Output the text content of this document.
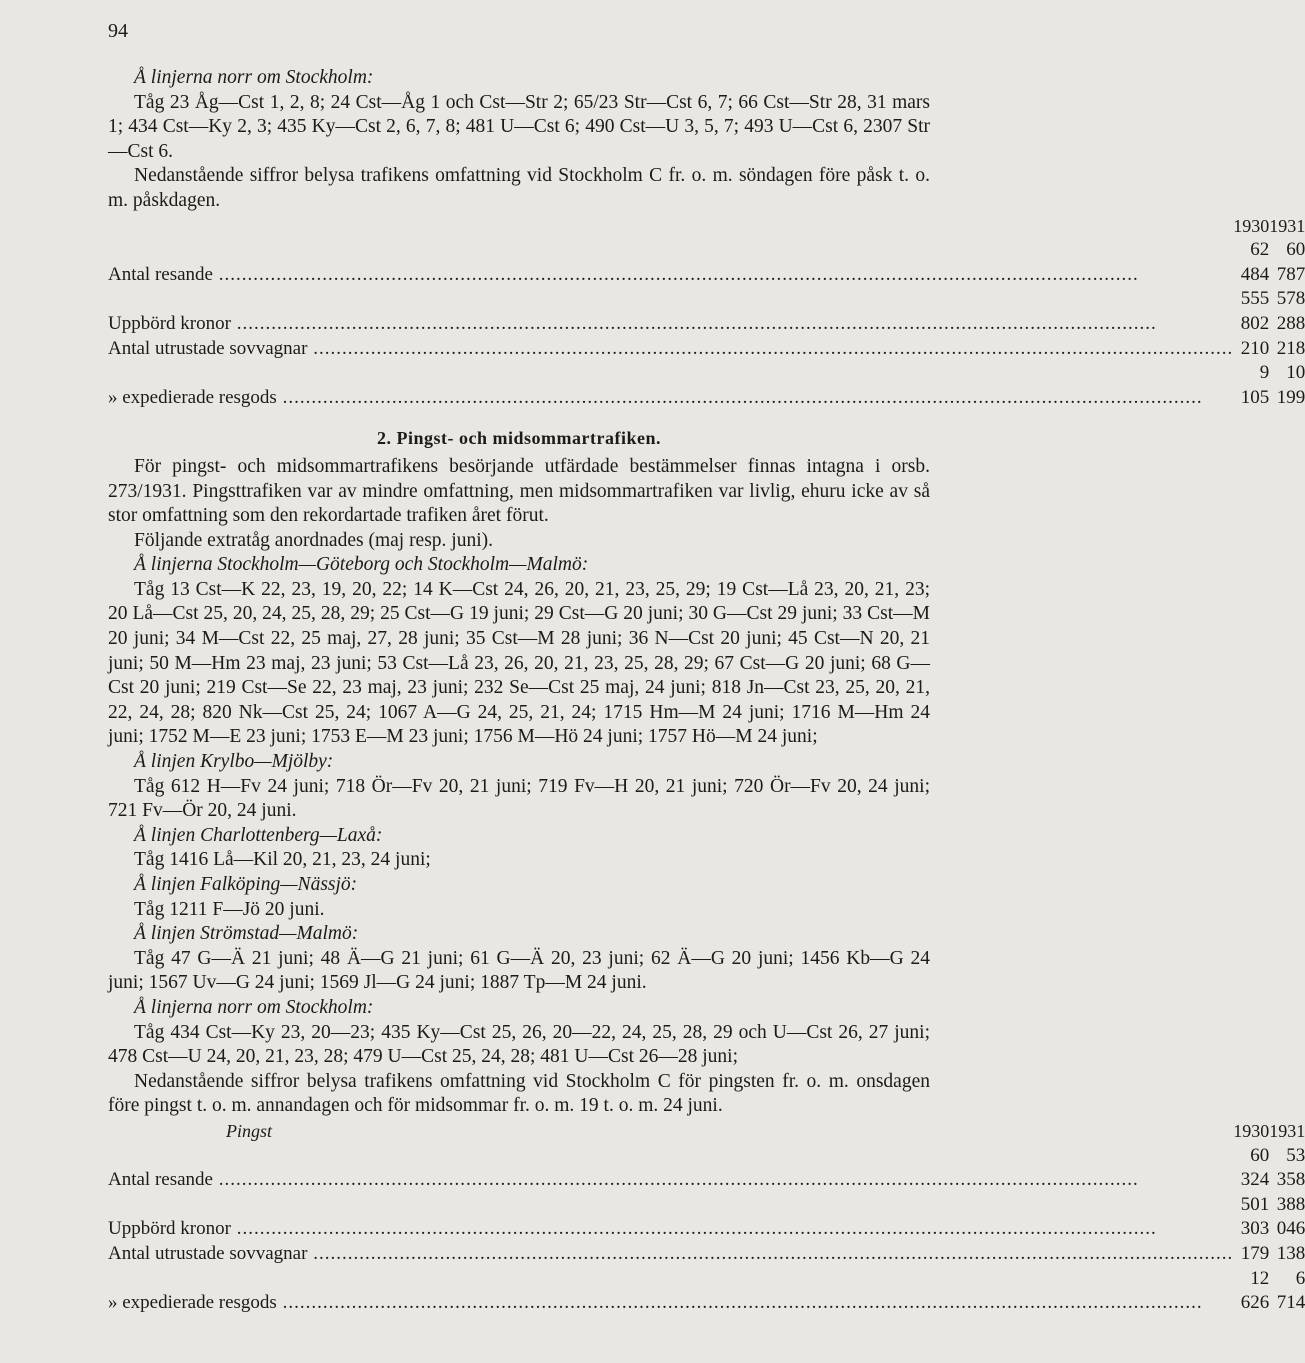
94

Å linjerna norr om Stockholm:

Tåg 23 Åg—Cst 1, 2, 8; 24 Cst—Åg 1 och Cst—Str 2; 65/23 Str—Cst 6, 7; 66 Cst—Str 28, 31 mars 1; 434 Cst—Ky 2, 3; 435 Ky—Cst 2, 6, 7, 8; 481 U—Cst 6; 490 Cst—U 3, 5, 7; 493 U—Cst 6, 2307 Str—Cst 6.

Nedanstående siffror belysa trafikens omfattning vid Stockholm C fr. o. m. söndagen före påsk t. o. m. påskdagen.

	1930	1931
Antal resande .....	62 484	60 787
Uppbörd kronor .....	555 802	578 288
Antal utrustade sovvagnar .....	210	218
» expedierade resgods .....	9 105	10 199
2. Pingst- och midsommartrafiken.

För pingst- och midsommartrafikens besörjande utfärdade bestämmelser finnas intagna i orsb. 273/1931. Pingsttrafiken var av mindre omfattning, men midsommartrafiken var livlig, ehuru icke av så stor omfattning som den rekordartade trafiken året förut.

Följande extratåg anordnades (maj resp. juni).

Å linjerna Stockholm—Göteborg och Stockholm—Malmö:

Tåg 13 Cst—K 22, 23, 19, 20, 22; 14 K—Cst 24, 26, 20, 21, 23, 25, 29; 19 Cst—Lå 23, 20, 21, 23; 20 Lå—Cst 25, 20, 24, 25, 28, 29; 25 Cst—G 19 juni; 29 Cst—G 20 juni; 30 G—Cst 29 juni; 33 Cst—M 20 juni; 34 M—Cst 22, 25 maj, 27, 28 juni; 35 Cst—M 28 juni; 36 N—Cst 20 juni; 45 Cst—N 20, 21 juni; 50 M—Hm 23 maj, 23 juni; 53 Cst—Lå 23, 26, 20, 21, 23, 25, 28, 29; 67 Cst—G 20 juni; 68 G—Cst 20 juni; 219 Cst—Se 22, 23 maj, 23 juni; 232 Se—Cst 25 maj, 24 juni; 818 Jn—Cst 23, 25, 20, 21, 22, 24, 28; 820 Nk—Cst 25, 24; 1067 A—G 24, 25, 21, 24; 1715 Hm—M 24 juni; 1716 M—Hm 24 juni; 1752 M—E 23 juni; 1753 E—M 23 juni; 1756 M—Hö 24 juni; 1757 Hö—M 24 juni;

Å linjen Krylbo—Mjölby:

Tåg 612 H—Fv 24 juni; 718 Ör—Fv 20, 21 juni; 719 Fv—H 20, 21 juni; 720 Ör—Fv 20, 24 juni; 721 Fv—Ör 20, 24 juni.

Å linjen Charlottenberg—Laxå:

Tåg 1416 Lå—Kil 20, 21, 23, 24 juni;

Å linjen Falköping—Nässjö:

Tåg 1211 F—Jö 20 juni.

Å linjen Strömstad—Malmö:

Tåg 47 G—Ä 21 juni; 48 Ä—G 21 juni; 61 G—Ä 20, 23 juni; 62 Ä—G 20 juni; 1456 Kb—G 24 juni; 1567 Uv—G 24 juni; 1569 Jl—G 24 juni; 1887 Tp—M 24 juni.

Å linjerna norr om Stockholm:

Tåg 434 Cst—Ky 23, 20—23; 435 Ky—Cst 25, 26, 20—22, 24, 25, 28, 29 och U—Cst 26, 27 juni; 478 Cst—U 24, 20, 21, 23, 28; 479 U—Cst 25, 24, 28; 481 U—Cst 26—28 juni;

Nedanstående siffror belysa trafikens omfattning vid Stockholm C för pingsten fr. o. m. onsdagen före pingst t. o. m. annandagen och för midsommar fr. o. m. 19 t. o. m. 24 juni.

Pingst	1930	1931
Antal resande .....	60 324	53 358
Uppbörd kronor .....	501 303	388 046
Antal utrustade sovvagnar .....	179	138
» expedierade resgods .....	12 626	6 714
